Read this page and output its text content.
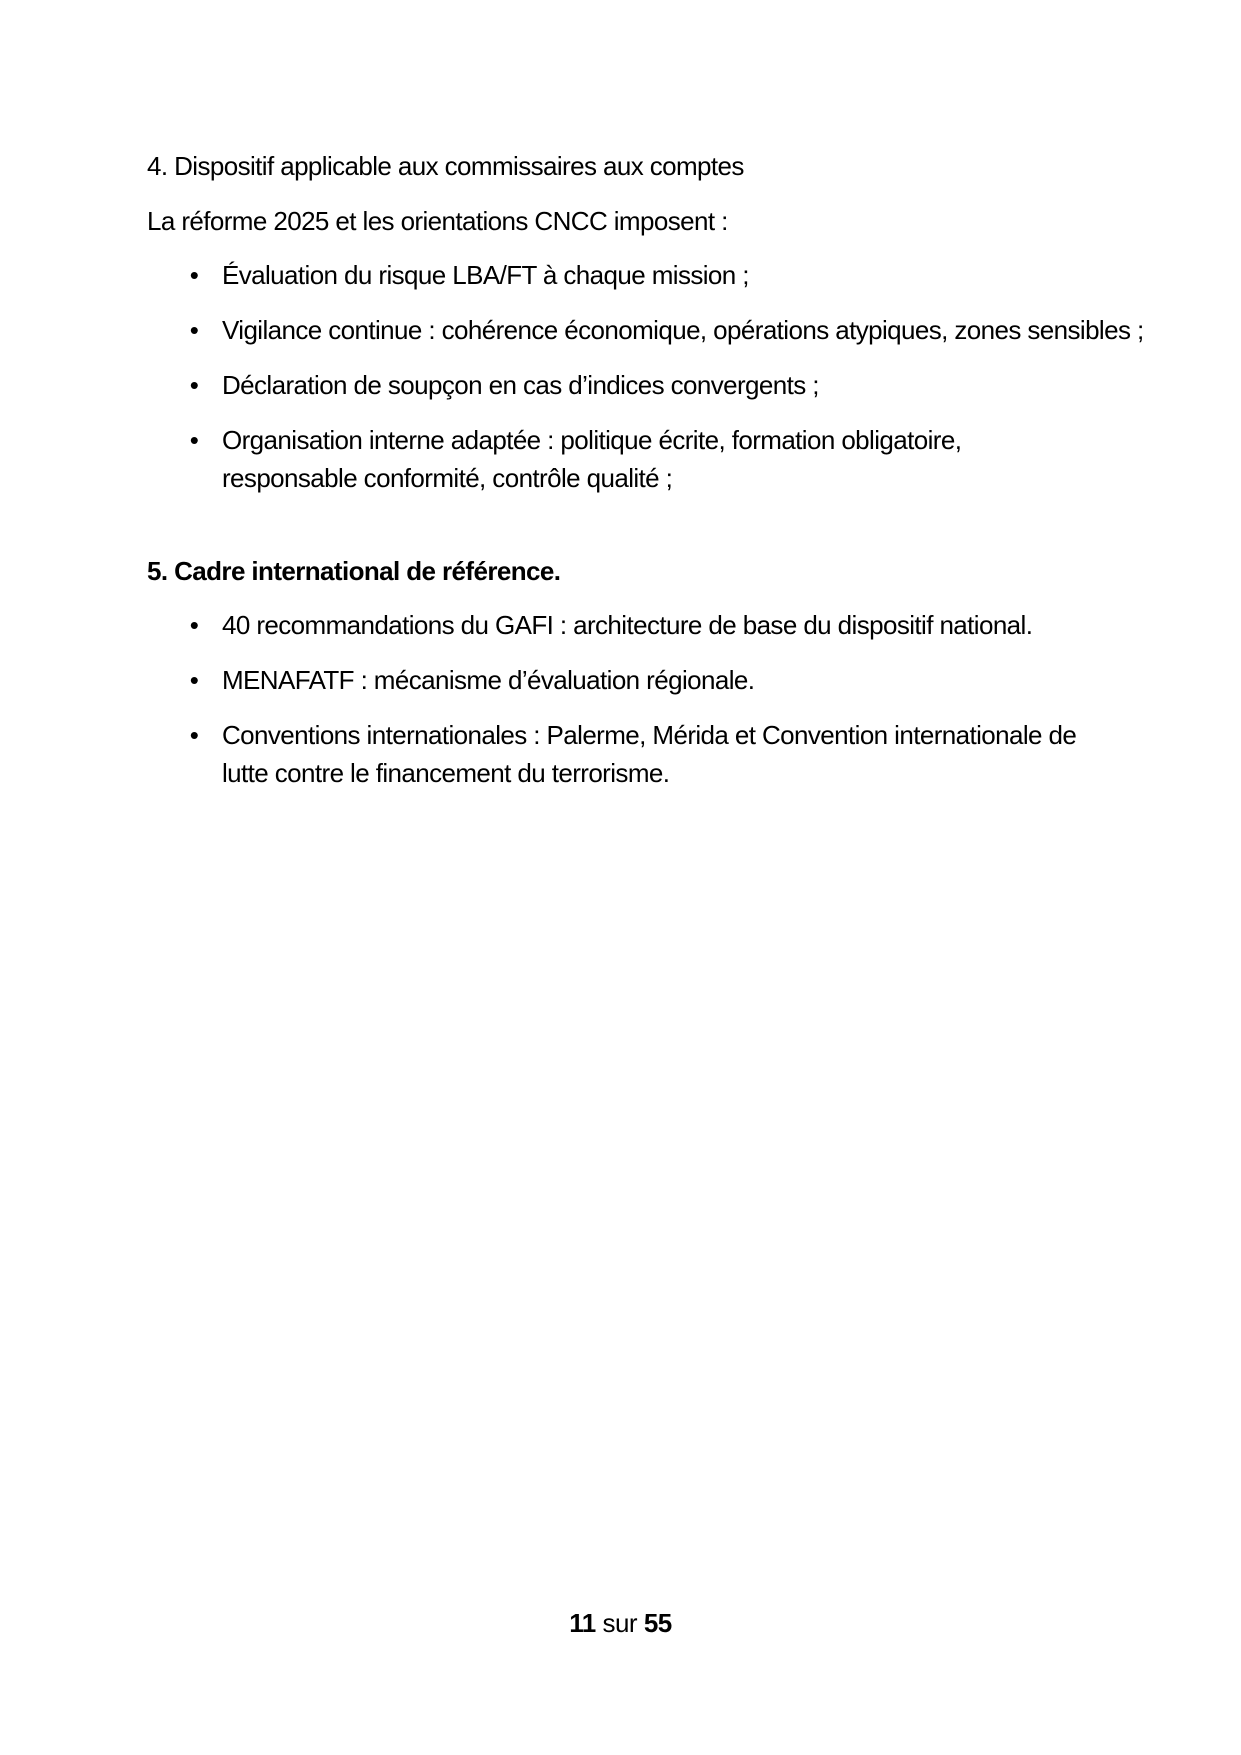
4. Dispositif applicable aux commissaires aux comptes

La réforme 2025 et les orientations CNCC imposent :

• Évaluation du risque LBA/FT à chaque mission ;
• Vigilance continue : cohérence économique, opérations atypiques, zones sensibles ;
• Déclaration de soupçon en cas d’indices convergents ;
• Organisation interne adaptée : politique écrite, formation obligatoire, responsable conformité, contrôle qualité ;

5. Cadre international de référence.

• 40 recommandations du GAFI : architecture de base du dispositif national.
• MENAFATF : mécanisme d’évaluation régionale.
• Conventions internationales : Palerme, Mérida et Convention internationale de lutte contre le financement du terrorisme.
11 sur 55
